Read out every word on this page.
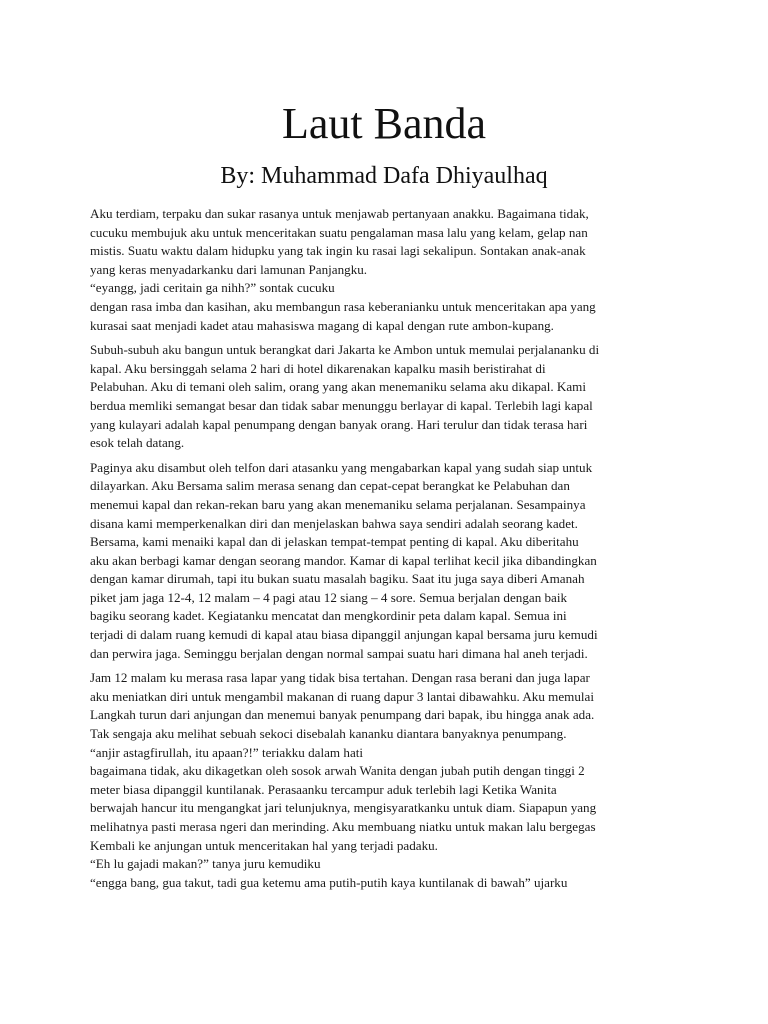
Laut Banda
By: Muhammad Dafa Dhiyaulhaq

Aku terdiam, terpaku dan sukar rasanya untuk menjawab pertanyaan anakku. Bagaimana tidak,
cucuku membujuk aku untuk menceritakan suatu pengalaman masa lalu yang kelam, gelap nan
mistis. Suatu waktu dalam hidupku yang tak ingin ku rasai lagi sekalipun. Sontakan anak-anak
yang keras menyadarkanku dari lamunan Panjangku.
“eyangg, jadi ceritain ga nihh?” sontak cucuku
dengan rasa imba dan kasihan, aku membangun rasa keberanianku untuk menceritakan apa yang
kurasai saat menjadi kadet atau mahasiswa magang di kapal dengan rute ambon-kupang.

Subuh-subuh aku bangun untuk berangkat dari Jakarta ke Ambon untuk memulai perjalananku di
kapal. Aku bersinggah selama 2 hari di hotel dikarenakan kapalku masih beristirahat di
Pelabuhan. Aku di temani oleh salim, orang yang akan menemaniku selama aku dikapal. Kami
berdua memliki semangat besar dan tidak sabar menunggu berlayar di kapal. Terlebih lagi kapal
yang kulayari adalah kapal penumpang dengan banyak orang. Hari terulur dan tidak terasa hari
esok telah datang.

Paginya aku disambut oleh telfon dari atasanku yang mengabarkan kapal yang sudah siap untuk
dilayarkan. Aku Bersama salim merasa senang dan cepat-cepat berangkat ke Pelabuhan dan
menemui kapal dan rekan-rekan baru yang akan menemaniku selama perjalanan. Sesampainya
disana kami memperkenalkan diri dan menjelaskan bahwa saya sendiri adalah seorang kadet.
Bersama, kami menaiki kapal dan di jelaskan tempat-tempat penting di kapal. Aku diberitahu
aku akan berbagi kamar dengan seorang mandor. Kamar di kapal terlihat kecil jika dibandingkan
dengan kamar dirumah, tapi itu bukan suatu masalah bagiku. Saat itu juga saya diberi Amanah
piket jam jaga 12-4, 12 malam – 4 pagi atau 12 siang – 4 sore. Semua berjalan dengan baik
bagiku seorang kadet. Kegiatanku mencatat dan mengkordinir peta dalam kapal. Semua ini
terjadi di dalam ruang kemudi di kapal atau biasa dipanggil anjungan kapal bersama juru kemudi
dan perwira jaga. Seminggu berjalan dengan normal sampai suatu hari dimana hal aneh terjadi.

Jam 12 malam ku merasa rasa lapar yang tidak bisa tertahan. Dengan rasa berani dan juga lapar
aku meniatkan diri untuk mengambil makanan di ruang dapur 3 lantai dibawahku. Aku memulai
Langkah turun dari anjungan dan menemui banyak penumpang dari bapak, ibu hingga anak ada.
Tak sengaja aku melihat sebuah sekoci disebalah kananku diantara banyaknya penumpang.
“anjir astagfirullah, itu apaan?!” teriakku dalam hati
bagaimana tidak, aku dikagetkan oleh sosok arwah Wanita dengan jubah putih dengan tinggi 2
meter biasa dipanggil kuntilanak. Perasaanku tercampur aduk terlebih lagi Ketika Wanita
berwajah hancur itu mengangkat jari telunjuknya, mengisyaratkanku untuk diam. Siapapun yang
melihatnya pasti merasa ngeri dan merinding. Aku membuang niatku untuk makan lalu bergegas
Kembali ke anjungan untuk menceritakan hal yang terjadi padaku.
“Eh lu gajadi makan?” tanya juru kemudiku
“engga bang, gua takut, tadi gua ketemu ama putih-putih kaya kuntilanak di bawah” ujarku
